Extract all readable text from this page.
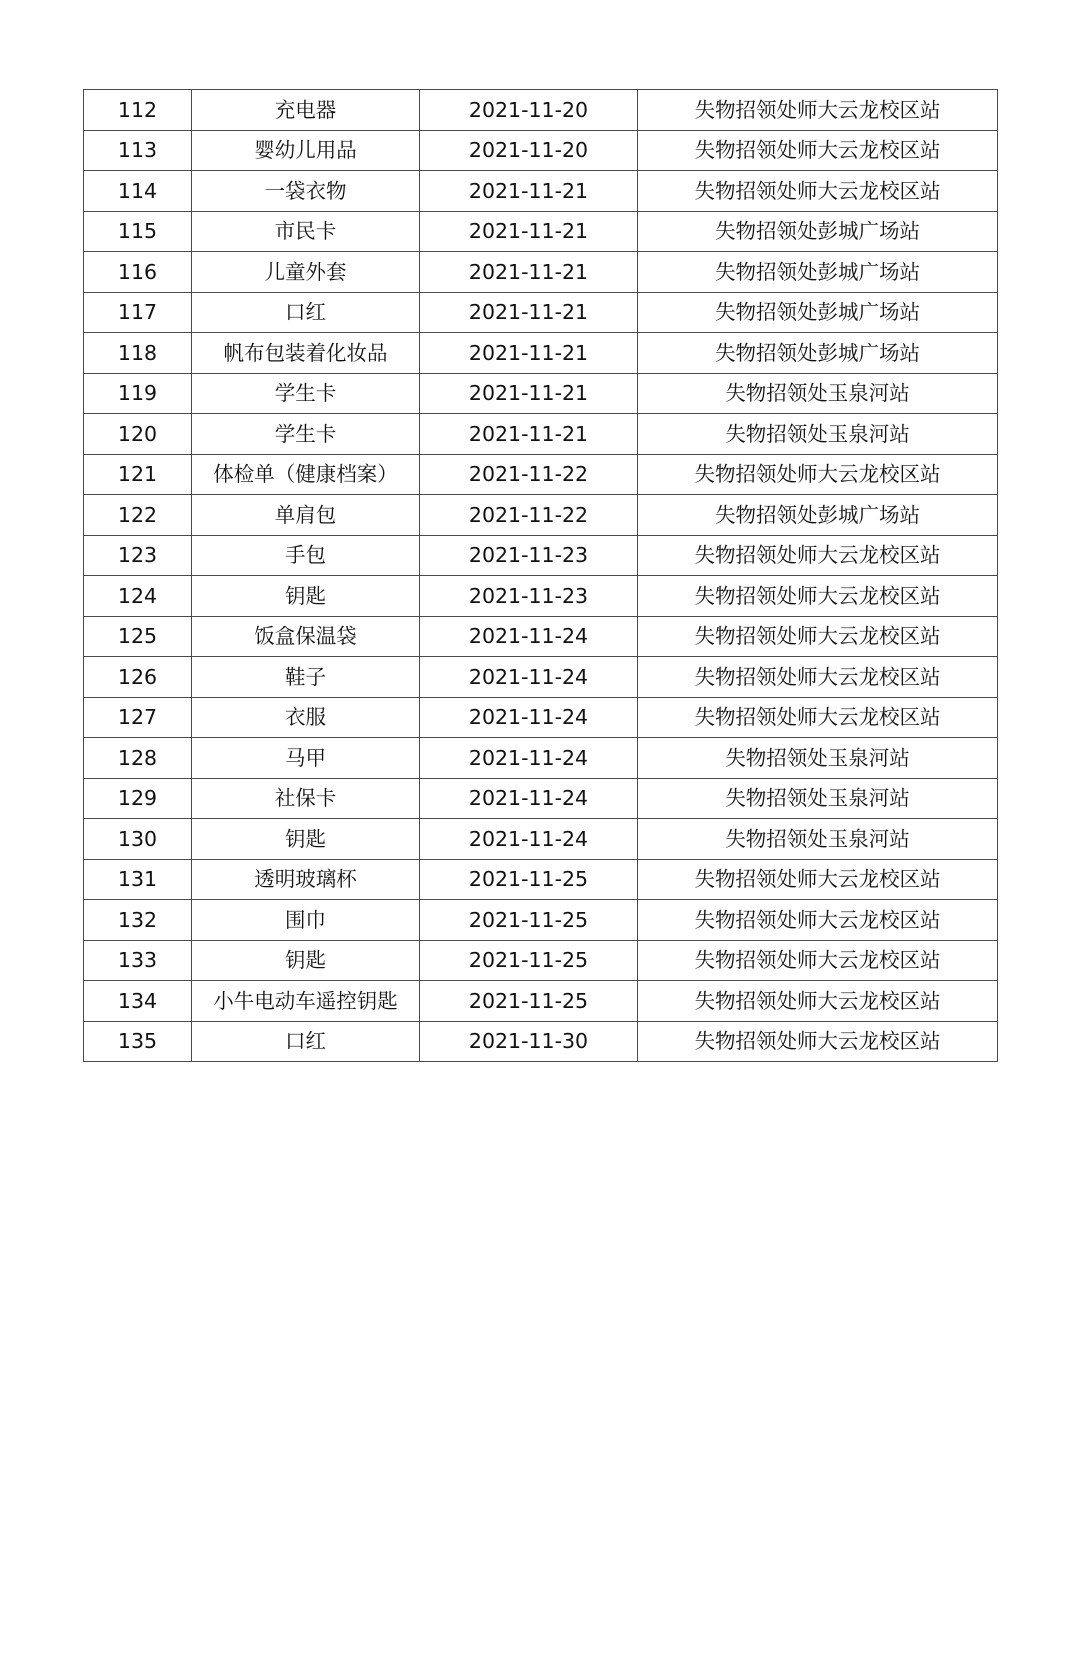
112	充电器	2021-11-20	失物招领处师大云龙校区站
113	婴幼儿用品	2021-11-20	失物招领处师大云龙校区站
114	一袋衣物	2021-11-21	失物招领处师大云龙校区站
115	市民卡	2021-11-21	失物招领处彭城广场站
116	儿童外套	2021-11-21	失物招领处彭城广场站
117	口红	2021-11-21	失物招领处彭城广场站
118	帆布包装着化妆品	2021-11-21	失物招领处彭城广场站
119	学生卡	2021-11-21	失物招领处玉泉河站
120	学生卡	2021-11-21	失物招领处玉泉河站
121	体检单（健康档案）	2021-11-22	失物招领处师大云龙校区站
122	单肩包	2021-11-22	失物招领处彭城广场站
123	手包	2021-11-23	失物招领处师大云龙校区站
124	钥匙	2021-11-23	失物招领处师大云龙校区站
125	饭盒保温袋	2021-11-24	失物招领处师大云龙校区站
126	鞋子	2021-11-24	失物招领处师大云龙校区站
127	衣服	2021-11-24	失物招领处师大云龙校区站
128	马甲	2021-11-24	失物招领处玉泉河站
129	社保卡	2021-11-24	失物招领处玉泉河站
130	钥匙	2021-11-24	失物招领处玉泉河站
131	透明玻璃杯	2021-11-25	失物招领处师大云龙校区站
132	围巾	2021-11-25	失物招领处师大云龙校区站
133	钥匙	2021-11-25	失物招领处师大云龙校区站
134	小牛电动车遥控钥匙	2021-11-25	失物招领处师大云龙校区站
135	口红	2021-11-30	失物招领处师大云龙校区站
